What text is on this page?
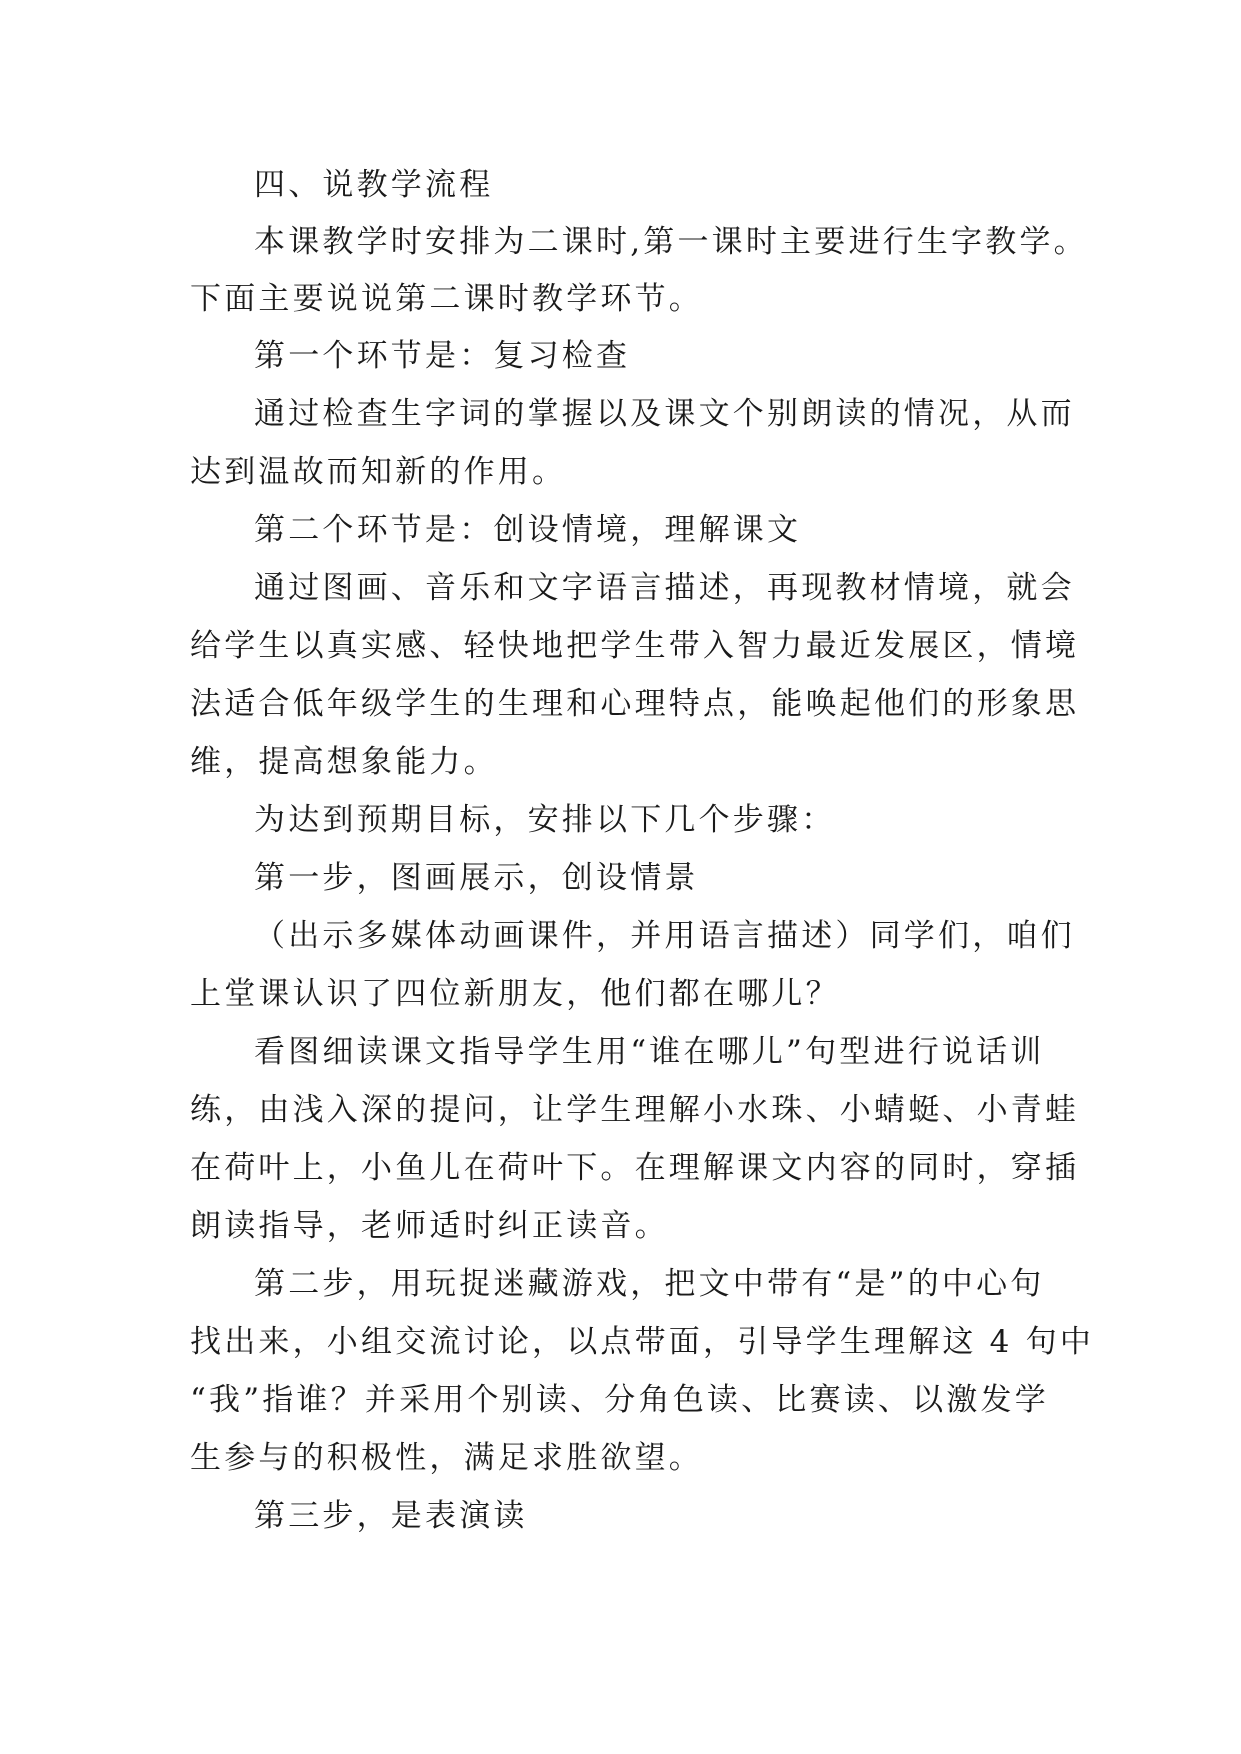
四、说教学流程
本课教学时安排为二课时,第一课时主要进行生字教学。
下面主要说说第二课时教学环节。
第一个环节是：复习检查
通过检查生字词的掌握以及课文个别朗读的情况，从而
达到温故而知新的作用。
第二个环节是：创设情境，理解课文
通过图画、音乐和文字语言描述，再现教材情境，就会
给学生以真实感、轻快地把学生带入智力最近发展区，情境
法适合低年级学生的生理和心理特点，能唤起他们的形象思
维，提高想象能力。
为达到预期目标，安排以下几个步骤：
第一步，图画展示，创设情景
（出示多媒体动画课件，并用语言描述）同学们，咱们
上堂课认识了四位新朋友，他们都在哪儿？
看图细读课文指导学生用“谁在哪儿”句型进行说话训
练，由浅入深的提问，让学生理解小水珠、小蜻蜓、小青蛙
在荷叶上，小鱼儿在荷叶下。在理解课文内容的同时，穿插
朗读指导，老师适时纠正读音。
第二步，用玩捉迷藏游戏，把文中带有“是”的中心句
找出来，小组交流讨论，以点带面，引导学生理解这 4 句中
“我”指谁？并采用个别读、分角色读、比赛读、以激发学
生参与的积极性，满足求胜欲望。
第三步，是表演读
